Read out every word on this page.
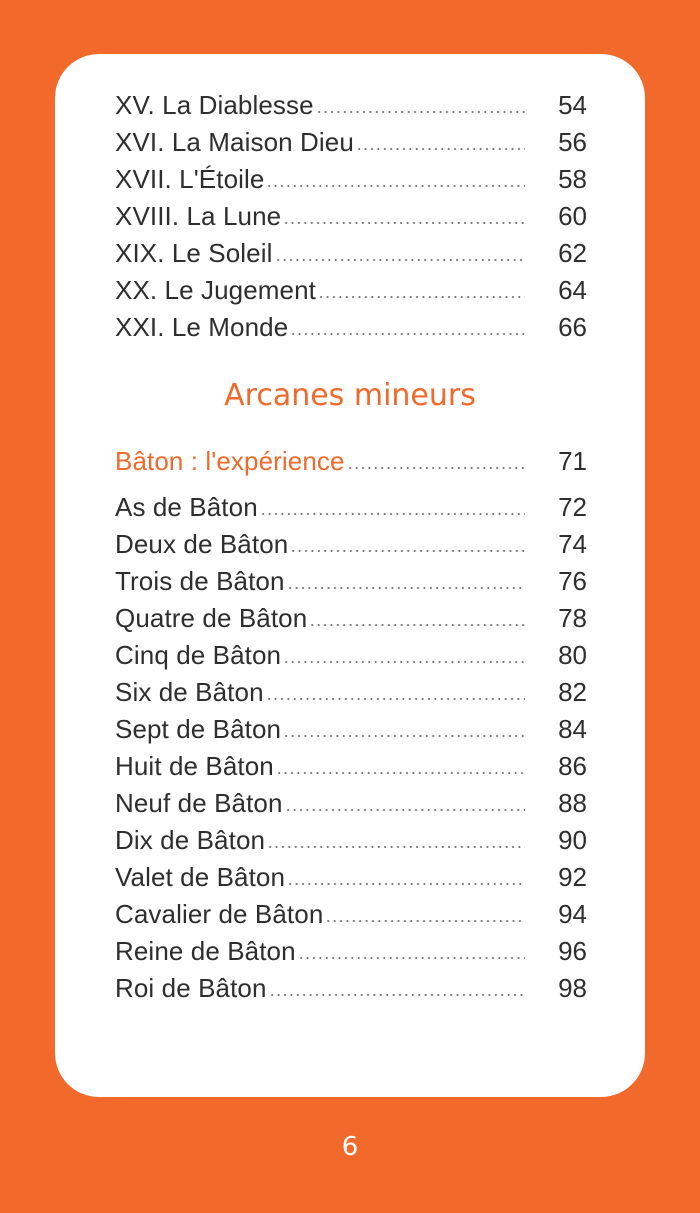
XV. La Diablesse	54
XVI. La Maison Dieu	56
XVII. L'Étoile	58
XVIII. La Lune	60
XIX. Le Soleil	62
XX. Le Jugement	64
XXI. Le Monde	66
Arcanes mineurs
Bâton : l'expérience	71
As de Bâton	72
Deux de Bâton	74
Trois de Bâton	76
Quatre de Bâton	78
Cinq de Bâton	80
Six de Bâton	82
Sept de Bâton	84
Huit de Bâton	86
Neuf de Bâton	88
Dix de Bâton	90
Valet de Bâton	92
Cavalier de Bâton	94
Reine de Bâton	96
Roi de Bâton	98
6
